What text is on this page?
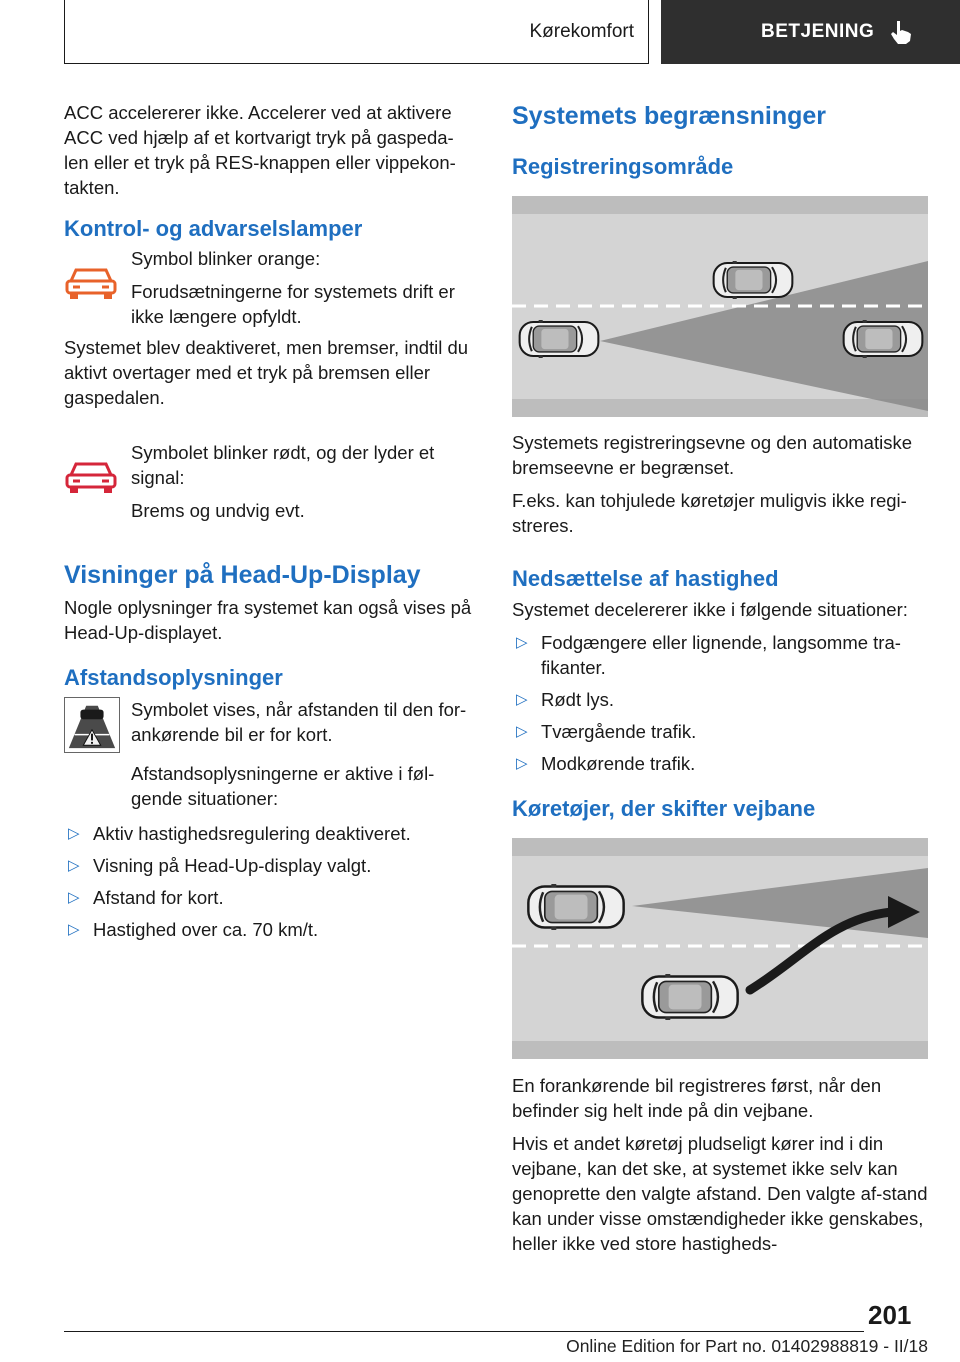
Kørekomfort	BETJENING

ACC accelererer ikke. Accelerer ved at aktivere ACC ved hjælp af et kortvarigt tryk på gaspeda-len eller et tryk på RES-knappen eller vippekon-takten.

Kontrol- og advarselslamper

Symbol blinker orange:

Forudsætningerne for systemets drift er ikke længere opfyldt.

Systemet blev deaktiveret, men bremser, indtil du aktivt overtager med et tryk på bremsen eller gaspedalen.

Symbolet blinker rødt, og der lyder et signal:

Brems og undvig evt.

Visninger på Head-Up-Display

Nogle oplysninger fra systemet kan også vises på Head-Up-displayet.

Afstandsoplysninger

Symbolet vises, når afstanden til den for-ankørende bil er for kort.

Afstandsoplysningerne er aktive i føl-gende situationer:

▷ Aktiv hastighedsregulering deaktiveret.
▷ Visning på Head-Up-display valgt.
▷ Afstand for kort.
▷ Hastighed over ca. 70 km/t.
Systemets begrænsninger
Registreringsområde

Systemets registreringsevne og den automatiske bremseevne er begrænset.

F.eks. kan tohjulede køretøjer muligvis ikke regi-streres.

Nedsættelse af hastighed

Systemet decelererer ikke i følgende situationer:

▷ Fodgængere eller lignende, langsomme tra-fikanter.
▷ Rødt lys.
▷ Tværgående trafik.
▷ Modkørende trafik.
Køretøjer, der skifter vejbane

En forankørende bil registreres først, når den befinder sig helt inde på din vejbane.

Hvis et andet køretøj pludseligt kører ind i din vejbane, kan det ske, at systemet ikke selv kan genoprette den valgte afstand. Den valgte af-stand kan under visse omstændigheder ikke genskabes, heller ikke ved store hastigheds-

201
Online Edition for Part no. 01402988819 - II/18
